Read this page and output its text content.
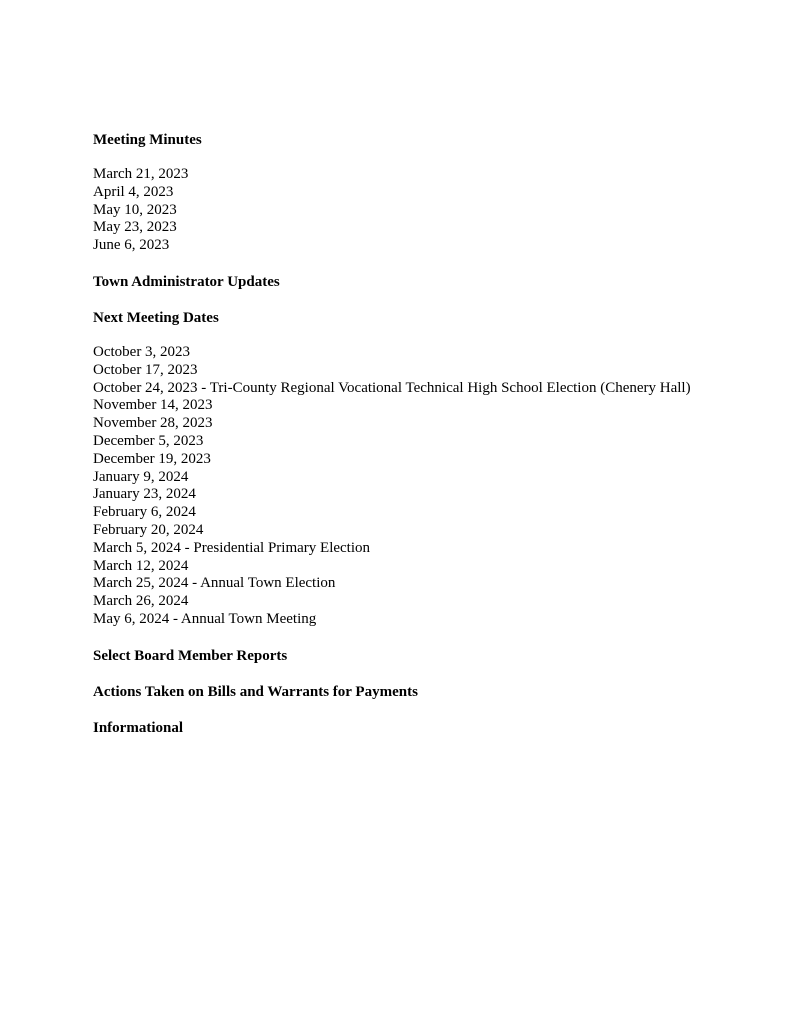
Meeting Minutes

March 21, 2023

April 4, 2023

May 10, 2023

May 23, 2023

June 6, 2023

Town Administrator Updates

Next Meeting Dates

October 3, 2023

October 17, 2023

October 24, 2023 - Tri-County Regional Vocational Technical High School Election (Chenery Hall)

November 14, 2023

November 28, 2023

December 5, 2023

December 19, 2023

January 9, 2024

January 23, 2024

February 6, 2024

February 20, 2024

March 5, 2024 - Presidential Primary Election

March 12, 2024

March 25, 2024 - Annual Town Election

March 26, 2024

May 6, 2024 - Annual Town Meeting

Select Board Member Reports

Actions Taken on Bills and Warrants for Payments

Informational
